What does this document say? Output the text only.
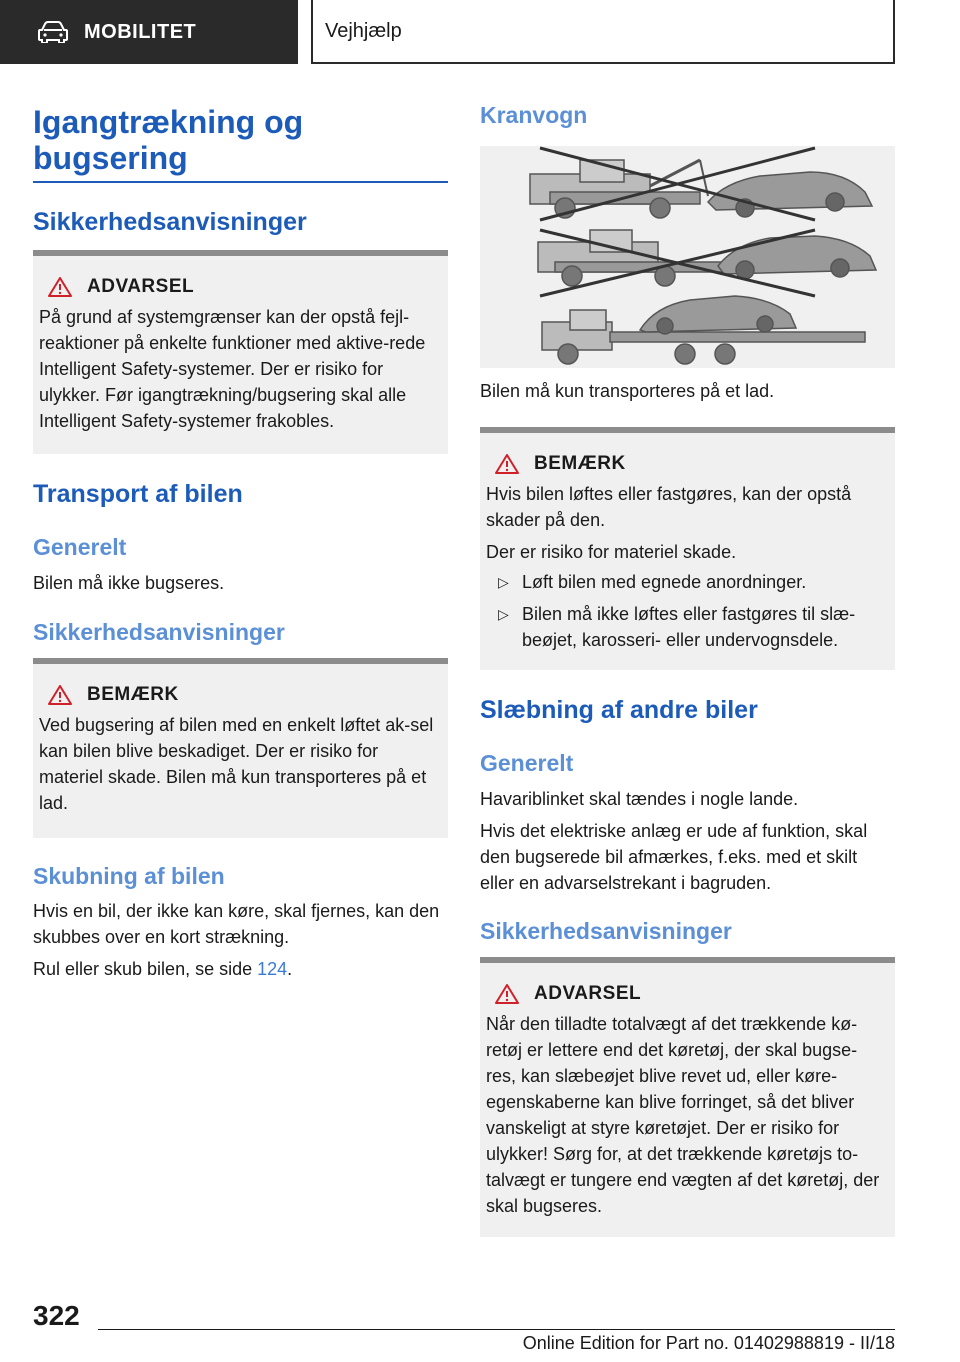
MOBILITET	Vejhjælp
Igangtrækning og bugsering
Sikkerhedsanvisninger
ADVARSEL

På grund af systemgrænser kan der opstå fejl-reaktioner på enkelte funktioner med aktive-rede Intelligent Safety-systemer. Der er risiko for ulykker. Før igangtrækning/bugsering skal alle Intelligent Safety-systemer frakobles.

Transport af bilen
Generelt
Bilen må ikke bugseres.
Sikkerhedsanvisninger
BEMÆRK

Ved bugsering af bilen med en enkelt løftet ak-sel kan bilen blive beskadiget. Der er risiko for materiel skade. Bilen må kun transporteres på et lad.

Skubning af bilen
Hvis en bil, der ikke kan køre, skal fjernes, kan den skubbes over en kort strækning.
Rul eller skub bilen, se side 124.
Kranvogn
Bilen må kun transporteres på et lad.
BEMÆRK

Hvis bilen løftes eller fastgøres, kan der opstå skader på den.

Der er risiko for materiel skade.

▷ Løft bilen med egnede anordninger.
▷ Bilen må ikke løftes eller fastgøres til slæ-beøjet, karosseri- eller undervognsdele.
Slæbning af andre biler
Generelt
Havariblinket skal tændes i nogle lande.
Hvis det elektriske anlæg er ude af funktion, skal den bugserede bil afmærkes, f.eks. med et skilt eller en advarselstrekant i bagruden.
Sikkerhedsanvisninger
ADVARSEL

Når den tilladte totalvægt af det trækkende kø-retøj er lettere end det køretøj, der skal bugse-res, kan slæbeøjet blive revet ud, eller køre-egenskaberne kan blive forringet, så det bliver vanskeligt at styre køretøjet. Der er risiko for ulykker! Sørg for, at det trækkende køretøjs to-talvægt er tungere end vægten af det køretøj, der skal bugseres.

322
Online Edition for Part no. 01402988819 - II/18
